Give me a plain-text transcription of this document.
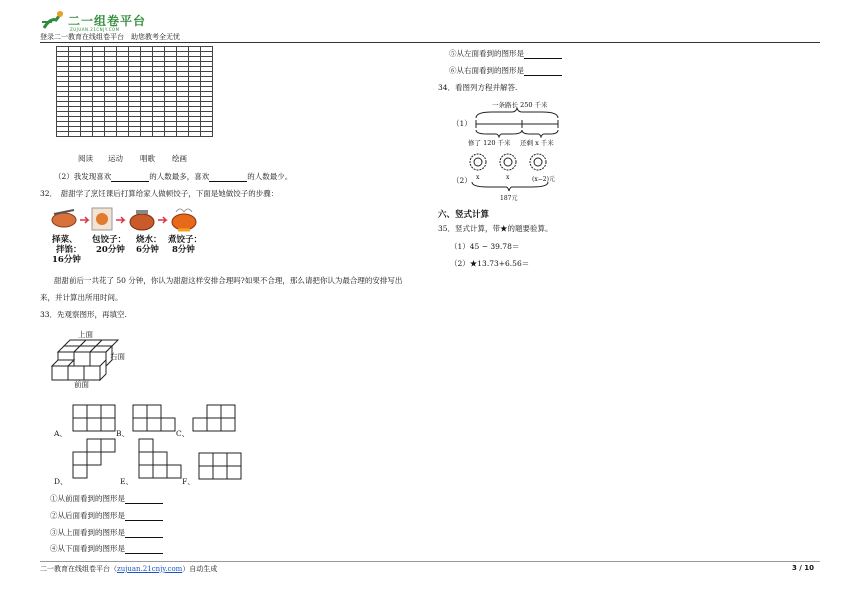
二一组卷平台
ZUJUAN.21CNJY.COM
登录二一教育在线组卷平台　助您教考全无忧

阅读 运动 唱歌 绘画
（2）我发现喜欢	的人数最多，喜欢	的人数最少。
32．　甜甜学了烹饪课后打算给家人做顿饺子，下面是她做饺子的步骤：
择菜、
拌馅：
16分钟
包饺子：
20分钟
烧水：
6分钟
煮饺子：
8分钟
甜甜前后一共花了 50 分钟，你认为甜甜这样安排合理吗?如果不合理，那么请把你认为最合理的安排写出
来，并计算出所用时间。
33．先观察图形，再填空.
上面
右面
前面
A、	B、	C、
D、	E、	F、
①从前面看到的图形是
②从后面看到的图形是
③从上面看到的图形是
④从下面看到的图形是
⑤从左面看到的图形是
⑥从右面看到的图形是
34．看图列方程并解答.
（1）
一条路长 250 千米
修了 120 千米 还剩 x 千米
（2） x	x	(x−2)元
187元
六、竖式计算
35．竖式计算，带★的题要验算。
（1）45 − 39.78＝
（2）★13.73+6.56＝
二一教育在线组卷平台（zujuan.21cnjy.com）自动生成	3 / 10
